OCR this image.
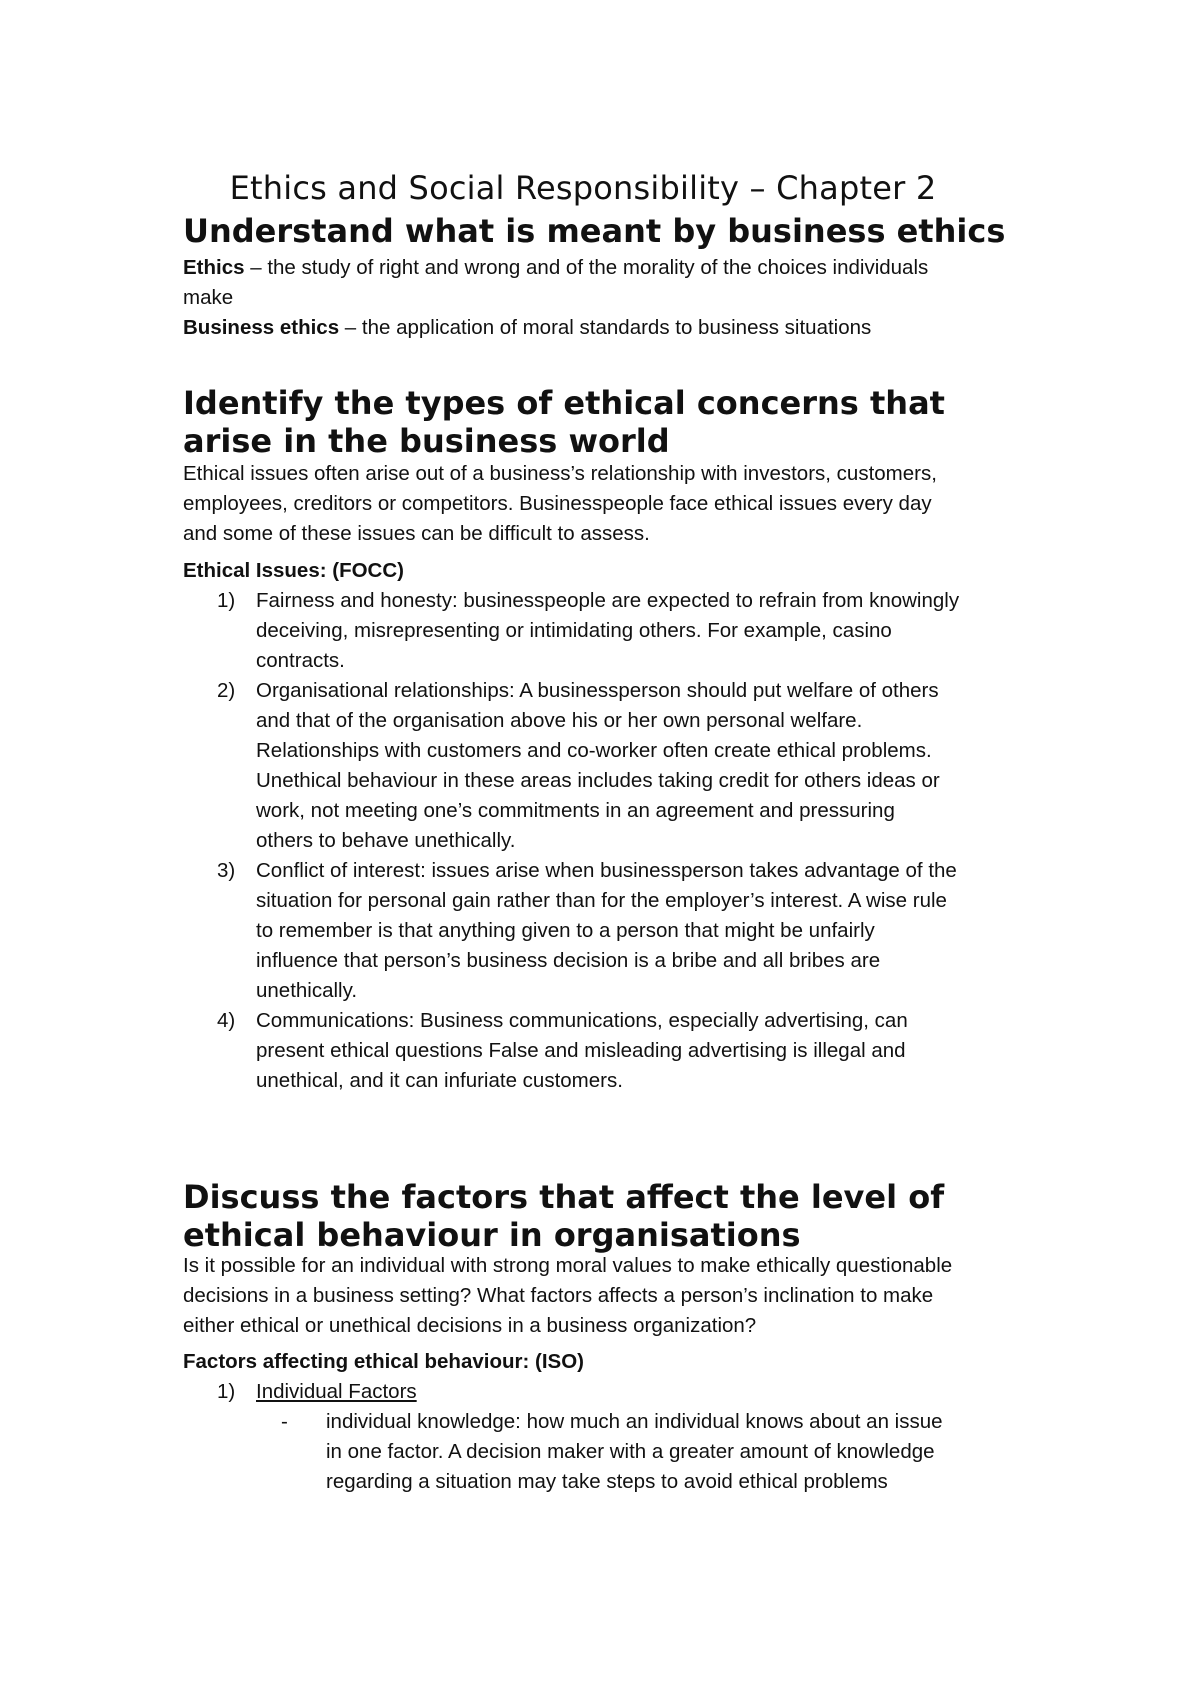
Ethics and Social Responsibility – Chapter 2
Understand what is meant by business ethics
Ethics – the study of right and wrong and of the morality of the choices individuals
make
Business ethics – the application of moral standards to business situations
Identify the types of ethical concerns that
arise in the business world
Ethical issues often arise out of a business’s relationship with investors, customers,
employees, creditors or competitors. Businesspeople face ethical issues every day
and some of these issues can be difficult to assess.
Ethical Issues: (FOCC)
1) Fairness and honesty: businesspeople are expected to refrain from knowingly
deceiving, misrepresenting or intimidating others. For example, casino
contracts.
2) Organisational relationships: A businessperson should put welfare of others
and that of the organisation above his or her own personal welfare.
Relationships with customers and co-worker often create ethical problems.
Unethical behaviour in these areas includes taking credit for others ideas or
work, not meeting one’s commitments in an agreement and pressuring
others to behave unethically.
3) Conflict of interest: issues arise when businessperson takes advantage of the
situation for personal gain rather than for the employer’s interest. A wise rule
to remember is that anything given to a person that might be unfairly
influence that person’s business decision is a bribe and all bribes are
unethically.
4) Communications: Business communications, especially advertising, can
present ethical questions False and misleading advertising is illegal and
unethical, and it can infuriate customers.
Discuss the factors that affect the level of
ethical behaviour in organisations
Is it possible for an individual with strong moral values to make ethically questionable
decisions in a business setting? What factors affects a person’s inclination to make
either ethical or unethical decisions in a business organization?
Factors affecting ethical behaviour: (ISO)
1) Individual Factors
- individual knowledge: how much an individual knows about an issue
in one factor. A decision maker with a greater amount of knowledge
regarding a situation may take steps to avoid ethical problems
